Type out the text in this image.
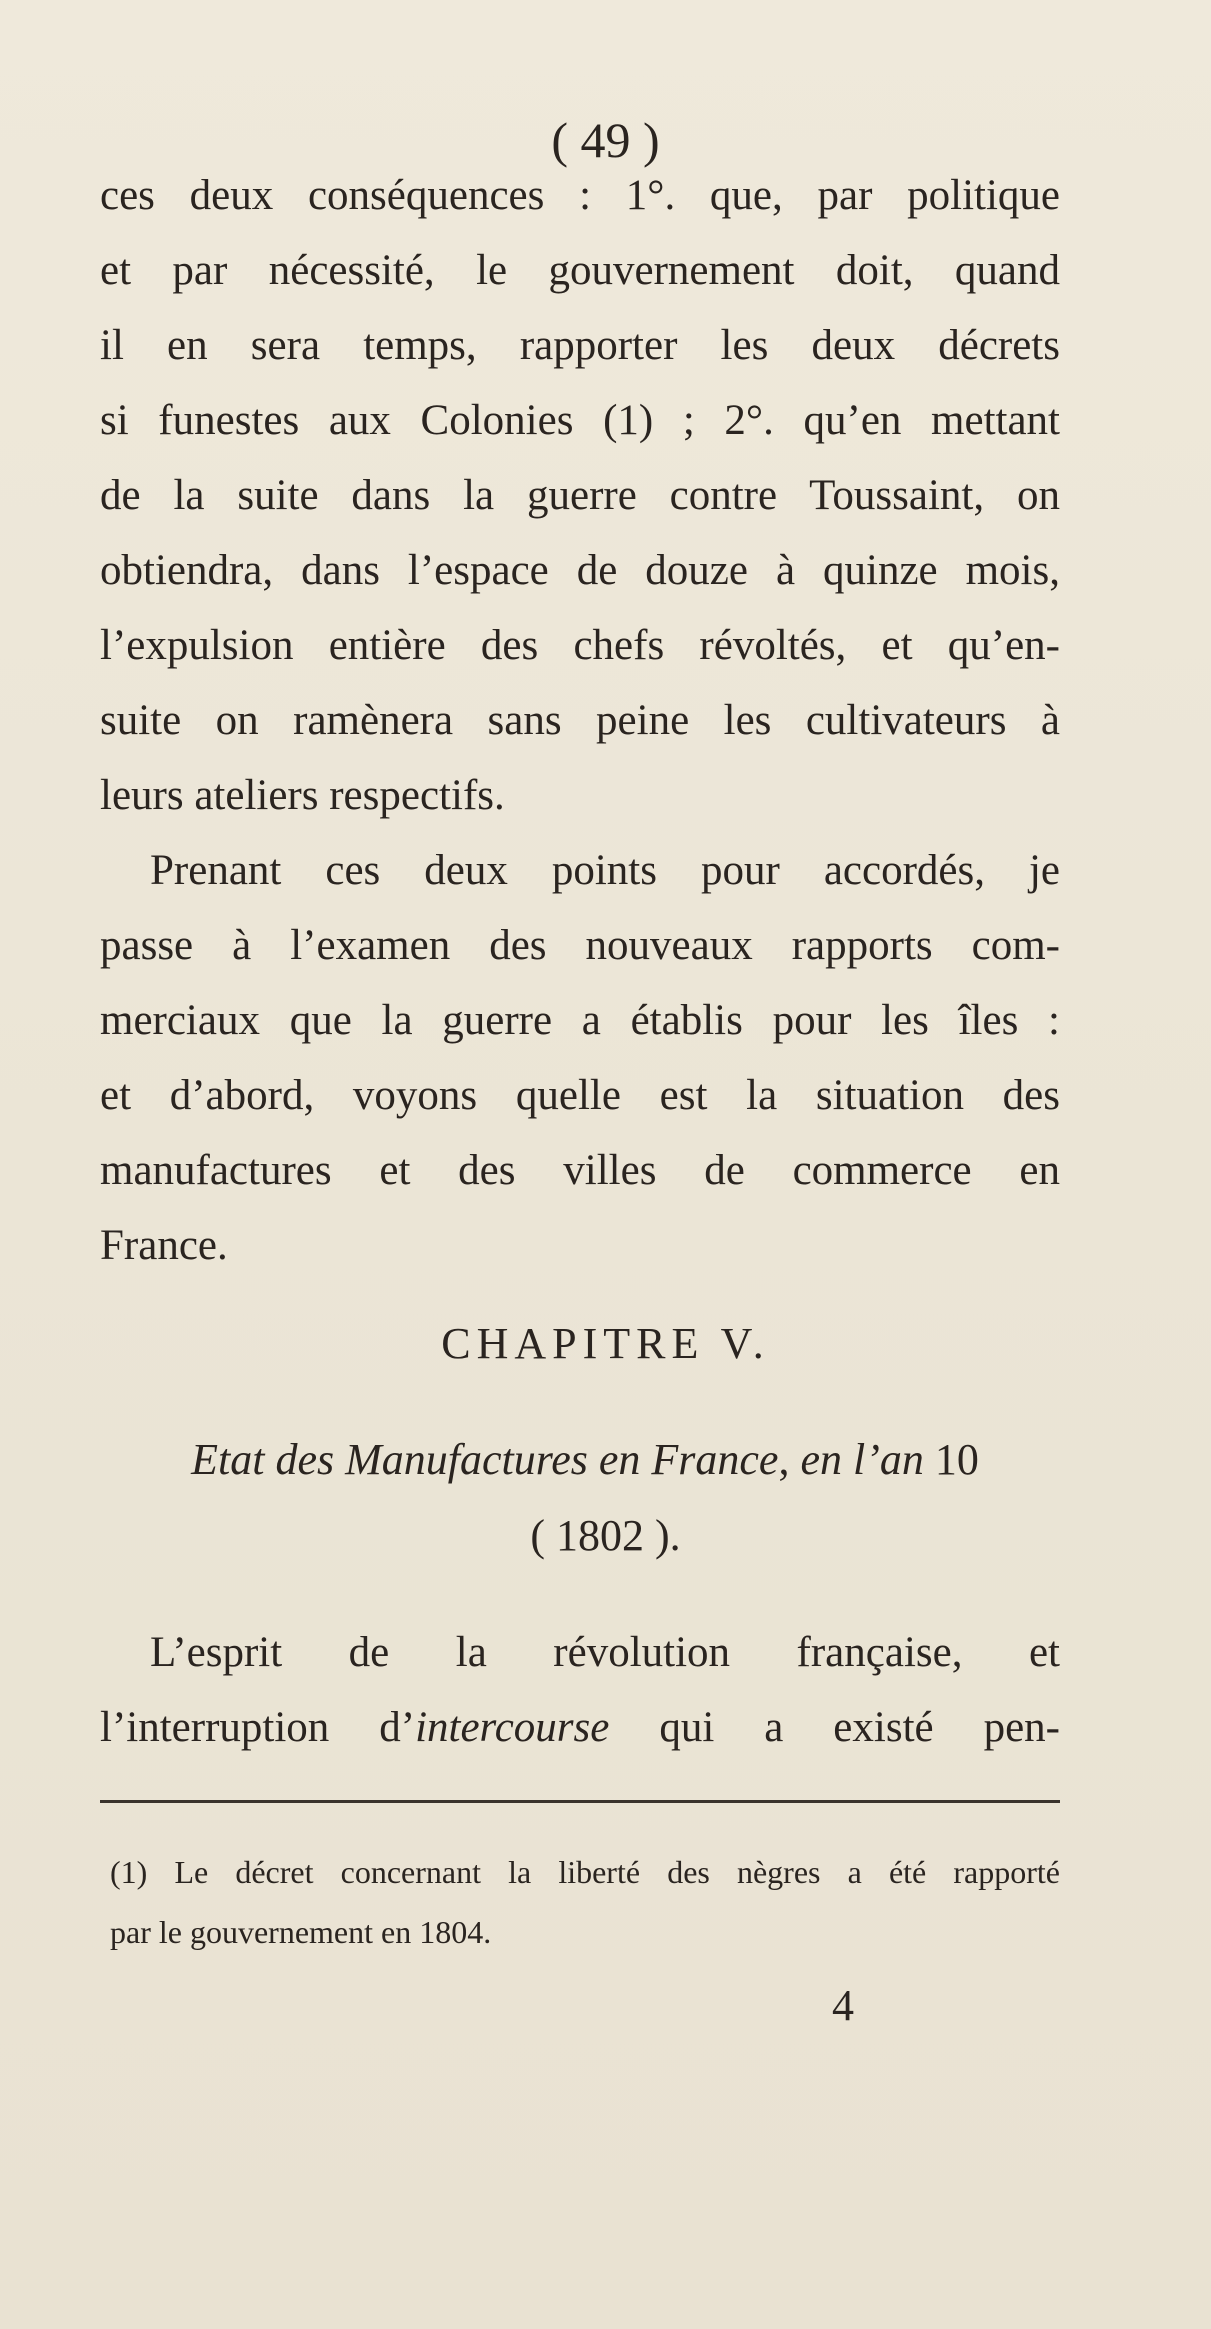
( 49 )
ces deux conséquences : 1°. que, par politique
et par nécessité, le gouvernement doit, quand
il en sera temps, rapporter les deux décrets
si funestes aux Colonies (1) ; 2°. qu’en mettant
de la suite dans la guerre contre Toussaint, on
obtiendra, dans l’espace de douze à quinze mois,
l’expulsion entière des chefs révoltés, et qu’en-
suite on ramènera sans peine les cultivateurs à
leurs ateliers respectifs.
Prenant ces deux points pour accordés, je
passe à l’examen des nouveaux rapports com-
merciaux que la guerre a établis pour les îles :
et d’abord, voyons quelle est la situation des
manufactures et des villes de commerce en
France.
CHAPITRE V.
Etat des Manufactures en France, en l’an 10
( 1802 ).
L’esprit de la révolution française, et
l’interruption d’intercourse qui a existé pen-
(1) Le décret concernant la liberté des nègres a été rapporté
par le gouvernement en 1804.
4
